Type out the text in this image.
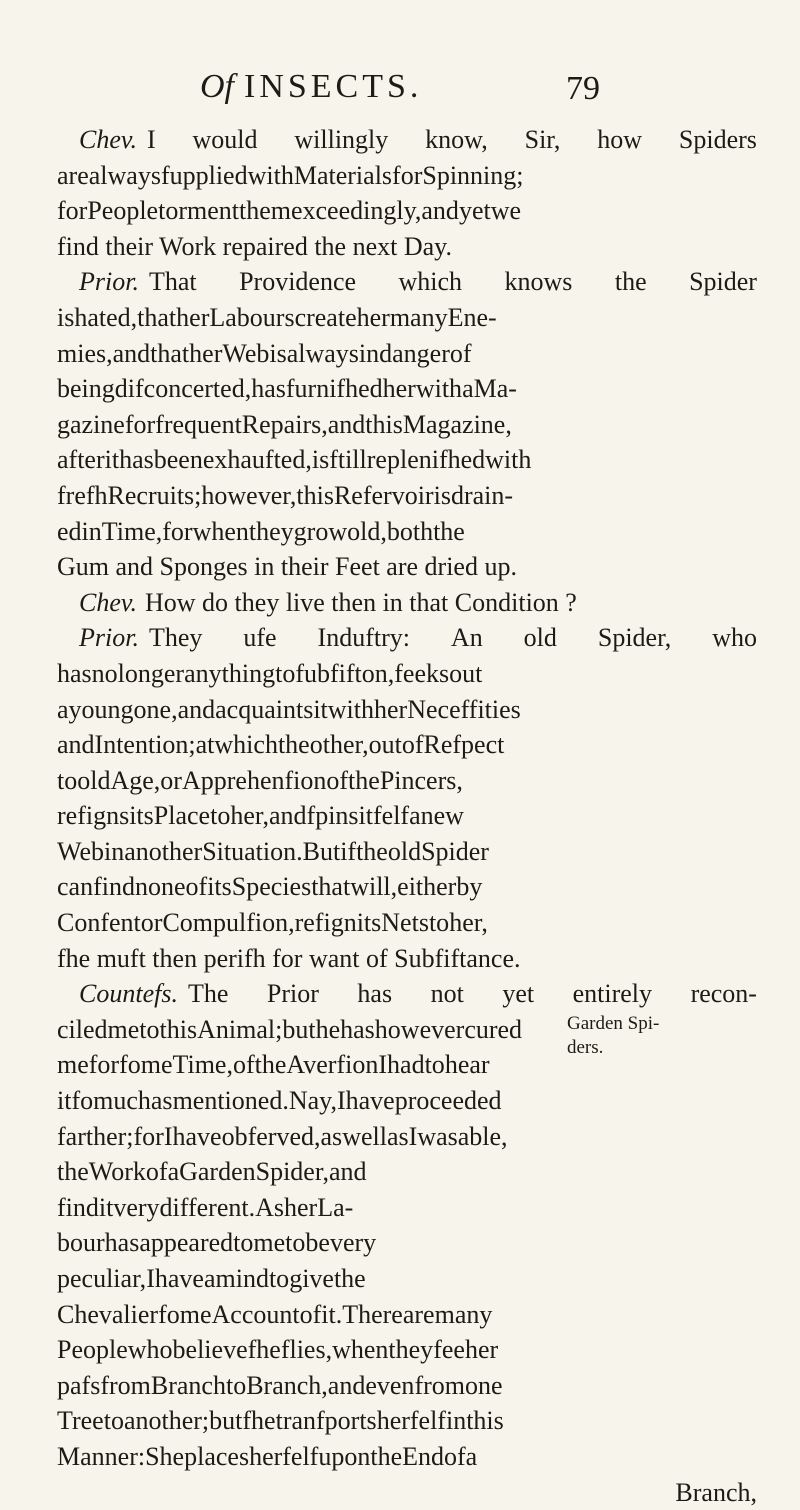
Of INSECTS.	79
Chev. I would willingly know, Sir, how Spiders
are always fupplied with Materials for Spinning ;
for People torment them exceedingly, and yet we
find their Work repaired the next Day.
Prior. That Providence which knows the Spider
is hated, that her Labours create her many Ene-
mies, and that her Web is always in danger of
being difconcerted, has furnifhed her with a Ma-
gazine for frequent Repairs, and this Magazine,
after it has been exhaufted, is ftill replenifhed with
frefh Recruits ; however, this Refervoir is drain-
ed in Time, for when they grow old, both the
Gum and Sponges in their Feet are dried up.
Chev. How do they live then in that Condition ?
Prior. They ufe Induftry: An old Spider, who
has no longer any thing to fubfift on, feeks out
a young one, and acquaints it with her Neceffities
and Intention; at which the other, out of Refpect
to old Age, or Apprehenfion of the Pincers,
refigns its Place to her, and fpins itfelf a new
Web in another Situation. But if the old Spider
can find none of its Species that will, either by
Confent or Compulfion, refign its Nets to her,
fhe muft then perifh for want of Subfiftance.
Countefs. The Prior has not yet entirely recon-
ciled me to this Animal ; but he has however cured
me for fome Time, of the Averfion I had to hear
it fo much as mentioned. Nay, I have proceeded
farther ; for I have obferved, as well as I was able,
the Work of a Garden Spider, and
find it very different. As her La-
bour has appeared to me to be very
peculiar, I have a mind to give the
Chevalier fome Account of it. There are many
People who believe fhe flies, when they fee her
pafs from Branch to Branch, and even from one
Tree to another ; but fhe tranfports herfelf in this
Manner : She places herfelf upon the End of a
Branch,
Garden Spi-
ders.
